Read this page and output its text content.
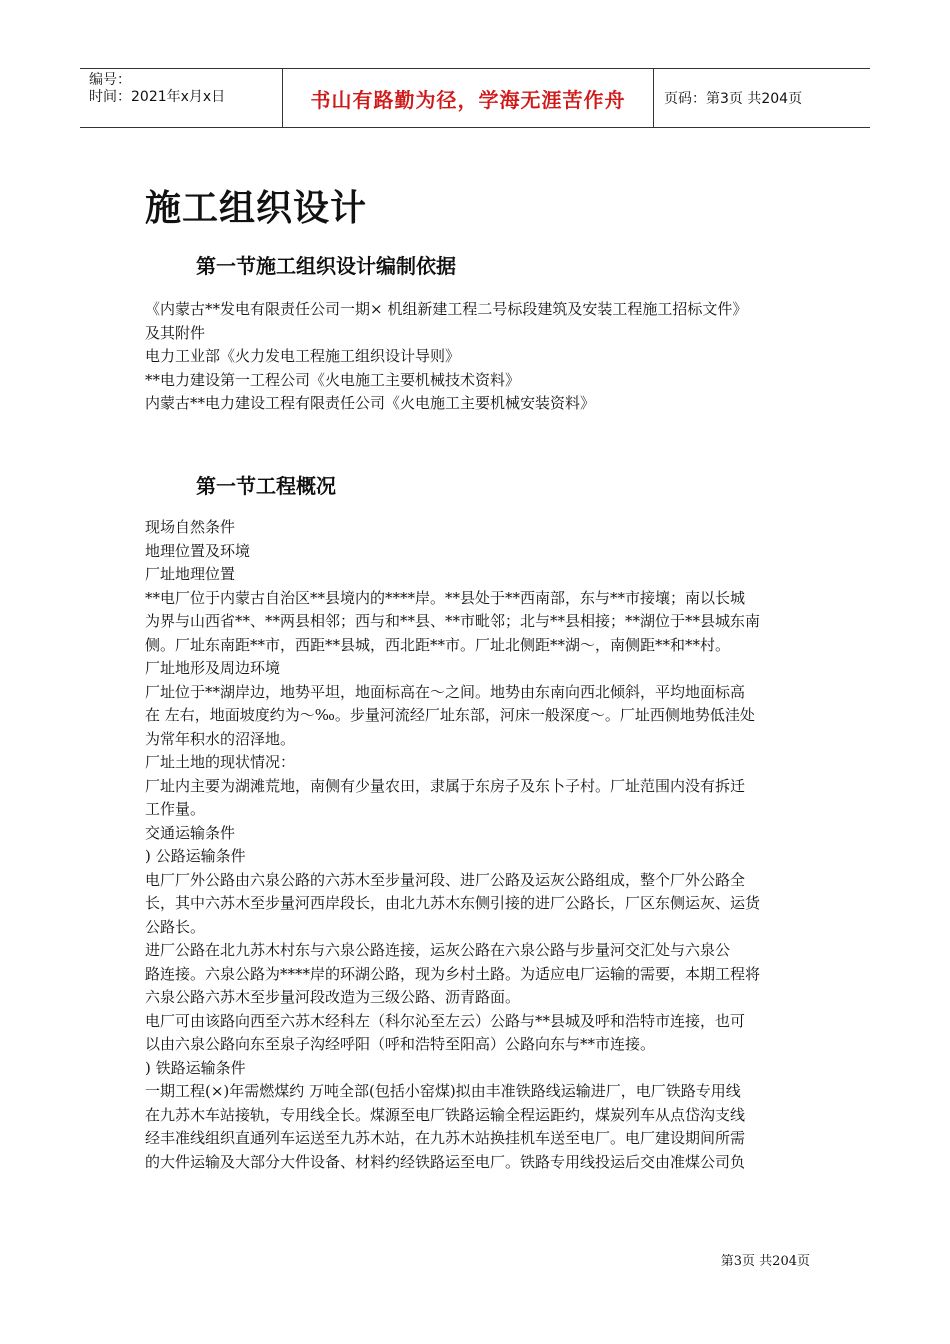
编号：
时间：2021年x月x日	书山有路勤为径，学海无涯苦作舟	页码：第3页 共204页
施工组织设计
第一节施工组织设计编制依据

《内蒙古**发电有限责任公司一期× 机组新建工程二号标段建筑及安装工程施工招标文件》

及其附件

电力工业部《火力发电工程施工组织设计导则》

**电力建设第一工程公司《火电施工主要机械技术资料》

内蒙古**电力建设工程有限责任公司《火电施工主要机械安装资料》

第一节工程概况

现场自然条件

地理位置及环境

厂址地理位置

**电厂位于内蒙古自治区**县境内的****岸。**县处于**西南部，东与**市接壤；南以长城

为界与山西省**、**两县相邻；西与和**县、**市毗邻；北与**县相接；**湖位于**县城东南

侧。厂址东南距**市，西距**县城，西北距**市。厂址北侧距**湖～，南侧距**和**村。

厂址地形及周边环境

厂址位于**湖岸边，地势平坦，地面标高在～之间。地势由东南向西北倾斜，平均地面标高

在 左右，地面坡度约为～‰。步量河流经厂址东部，河床一般深度～。厂址西侧地势低洼处

为常年积水的沼泽地。

厂址土地的现状情况：

厂址内主要为湖滩荒地，南侧有少量农田，隶属于东房子及东卜子村。厂址范围内没有拆迁

工作量。

交通运输条件

) 公路运输条件

电厂厂外公路由六泉公路的六苏木至步量河段、进厂公路及运灰公路组成，整个厂外公路全

长，其中六苏木至步量河西岸段长，由北九苏木东侧引接的进厂公路长，厂区东侧运灰、运货

公路长。

进厂公路在北九苏木村东与六泉公路连接，运灰公路在六泉公路与步量河交汇处与六泉公

路连接。六泉公路为****岸的环湖公路，现为乡村土路。为适应电厂运输的需要，本期工程将

六泉公路六苏木至步量河段改造为三级公路、沥青路面。

电厂可由该路向西至六苏木经科左（科尔沁至左云）公路与**县城及呼和浩特市连接，也可

以由六泉公路向东至泉子沟经呼阳（呼和浩特至阳高）公路向东与**市连接。

) 铁路运输条件

一期工程(×)年需燃煤约 万吨全部(包括小窑煤)拟由丰准铁路线运输进厂，电厂铁路专用线

在九苏木车站接轨，专用线全长。煤源至电厂铁路运输全程运距约，煤炭列车从点岱沟支线

经丰准线组织直通列车运送至九苏木站，在九苏木站换挂机车送至电厂。电厂建设期间所需

的大件运输及大部分大件设备、材料约经铁路运至电厂。铁路专用线投运后交由准煤公司负

第3页 共204页
